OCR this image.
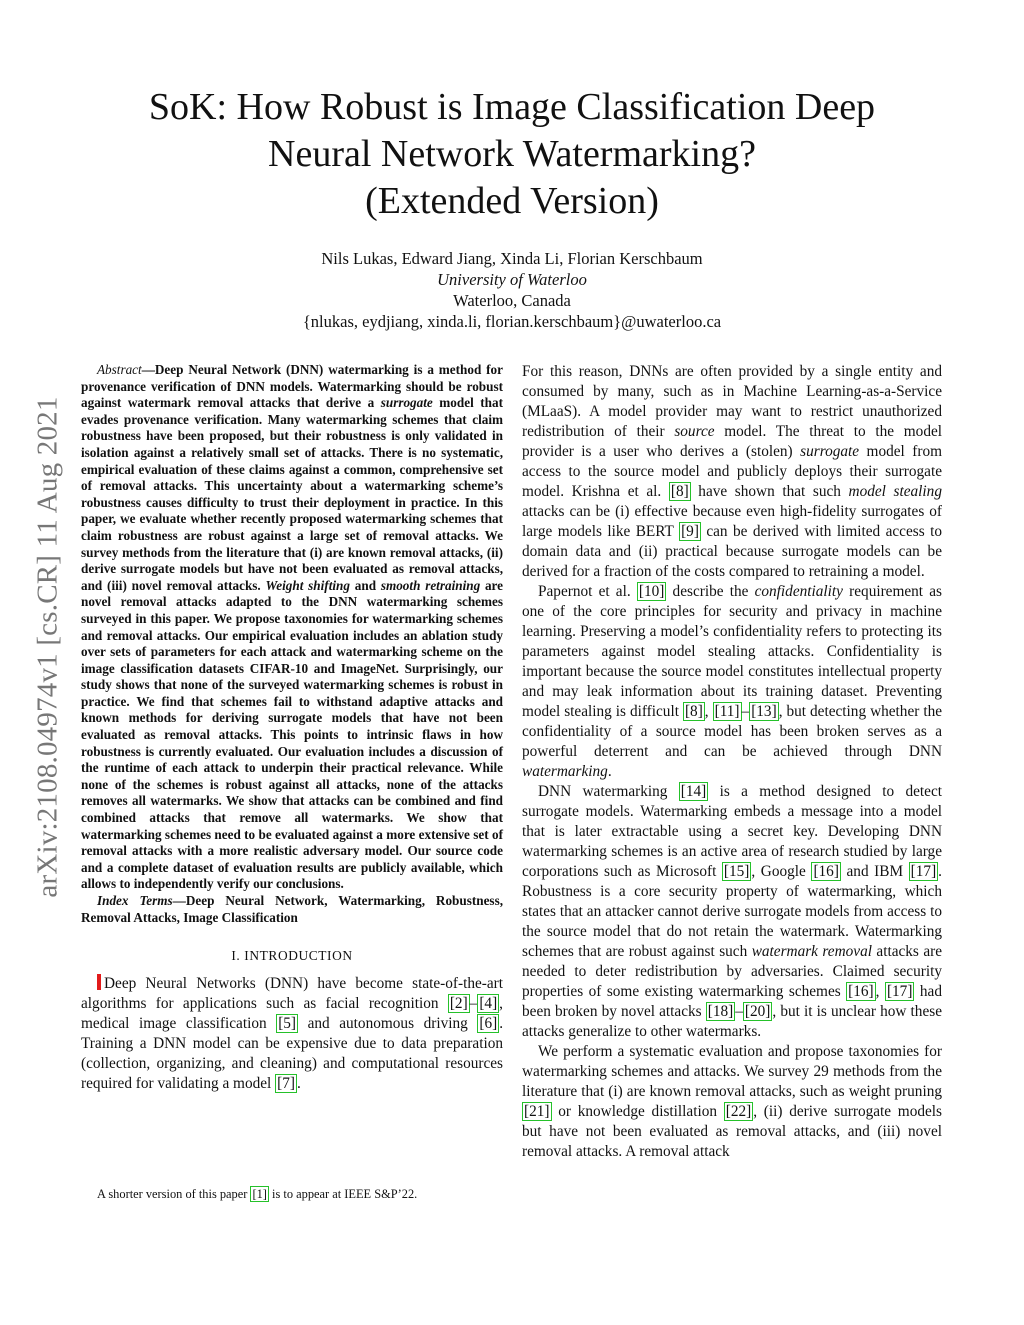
arXiv:2108.04974v1 [cs.CR] 11 Aug 2021
SoK: How Robust is Image Classification Deep
Neural Network Watermarking?
(Extended Version)
Nils Lukas, Edward Jiang, Xinda Li, Florian Kerschbaum
University of Waterloo
Waterloo, Canada
{nlukas, eydjiang, xinda.li, florian.kerschbaum}@uwaterloo.ca

Abstract—Deep Neural Network (DNN) watermarking is a method for provenance verification of DNN models. Watermarking should be robust against watermark removal attacks that derive a surrogate model that evades provenance verification. Many watermarking schemes that claim robustness have been proposed, but their robustness is only validated in isolation against a relatively small set of attacks. There is no systematic, empirical evaluation of these claims against a common, comprehensive set of removal attacks. This uncertainty about a watermarking scheme’s robustness causes difficulty to trust their deployment in practice. In this paper, we evaluate whether recently proposed watermarking schemes that claim robustness are robust against a large set of removal attacks. We survey methods from the literature that (i) are known removal attacks, (ii) derive surrogate models but have not been evaluated as removal attacks, and (iii) novel removal attacks. Weight shifting and smooth retraining are novel removal attacks adapted to the DNN watermarking schemes surveyed in this paper. We propose taxonomies for watermarking schemes and removal attacks. Our empirical evaluation includes an ablation study over sets of parameters for each attack and watermarking scheme on the image classification datasets CIFAR-10 and ImageNet. Surprisingly, our study shows that none of the surveyed watermarking schemes is robust in practice. We find that schemes fail to withstand adaptive attacks and known methods for deriving surrogate models that have not been evaluated as removal attacks. This points to intrinsic flaws in how robustness is currently evaluated. Our evaluation includes a discussion of the runtime of each attack to underpin their practical relevance. While none of the schemes is robust against all attacks, none of the attacks removes all watermarks. We show that attacks can be combined and find combined attacks that remove all watermarks. We show that watermarking schemes need to be evaluated against a more extensive set of removal attacks with a more realistic adversary model. Our source code and a complete dataset of evaluation results are publicly available, which allows to independently verify our conclusions.

Index Terms—Deep Neural Network, Watermarking, Robustness, Removal Attacks, Image Classification

I. INTRODUCTION

Deep Neural Networks (DNN) have become state-of-the-art algorithms for applications such as facial recognition [2] – [4] , medical image classification [5] and autonomous driving [6] . Training a DNN model can be expensive due to data preparation (collection, organizing, and cleaning) and computational resources required for validating a model [7] .

A shorter version of this paper [1] is to appear at IEEE S&P’22.

For this reason, DNNs are often provided by a single entity and consumed by many, such as in Machine Learning-as-a-Service (MLaaS). A model provider may want to restrict unauthorized redistribution of their source model. The threat to the model provider is a user who derives a (stolen) surrogate model from access to the source model and publicly deploys their surrogate model. Krishna et al. [8] have shown that such model stealing attacks can be (i) effective because even high-fidelity surrogates of large models like BERT [9] can be derived with limited access to domain data and (ii) practical because surrogate models can be derived for a fraction of the costs compared to retraining a model.

Papernot et al. [10] describe the confidentiality requirement as one of the core principles for security and privacy in machine learning. Preserving a model’s confidentiality refers to protecting its parameters against model stealing attacks. Confidentiality is important because the source model constitutes intellectual property and may leak information about its training dataset. Preventing model stealing is difficult [8] , [11] – [13] , but detecting whether the confidentiality of a source model has been broken serves as a powerful deterrent and can be achieved through DNN watermarking.

DNN watermarking [14] is a method designed to detect surrogate models. Watermarking embeds a message into a model that is later extractable using a secret key. Developing DNN watermarking schemes is an active area of research studied by large corporations such as Microsoft [15] , Google [16] and IBM [17] . Robustness is a core security property of watermarking, which states that an attacker cannot derive surrogate models from access to the source model that do not retain the watermark. Watermarking schemes that are robust against such watermark removal attacks are needed to deter redistribution by adversaries. Claimed security properties of some existing watermarking schemes [16] , [17] had been broken by novel attacks [18] – [20] , but it is unclear how these attacks generalize to other watermarks.

We perform a systematic evaluation and propose taxonomies for watermarking schemes and attacks. We survey 29 methods from the literature that (i) are known removal attacks, such as weight pruning [21] or knowledge distillation [22] , (ii) derive surrogate models but have not been evaluated as removal attacks, and (iii) novel removal attacks. A removal attack
